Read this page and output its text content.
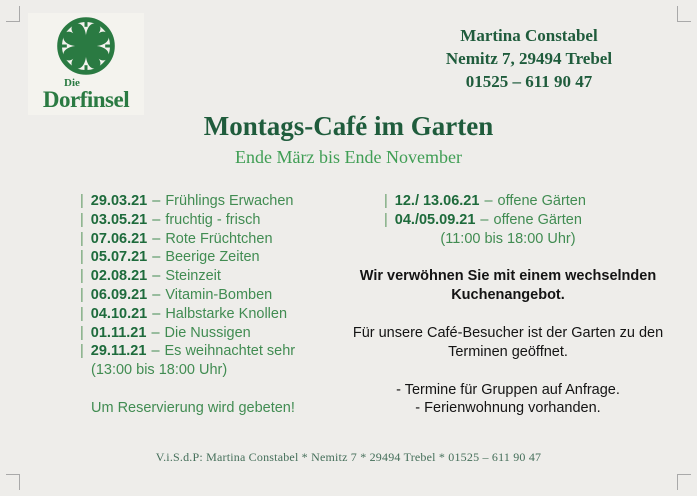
Die
Dorfinsel
Martina Constabel
Nemitz 7, 29494 Trebel
01525 – 611 90 47
Montags-Café im Garten
Ende März bis Ende November
| 29.03.21 – Frühlings Erwachen
| 03.05.21 – fruchtig - frisch
| 07.06.21 – Rote Früchtchen
| 05.07.21 – Beerige Zeiten
| 02.08.21 – Steinzeit
| 06.09.21 – Vitamin-Bomben
| 04.10.21 – Halbstarke Knollen
| 01.11.21 – Die Nussigen
| 29.11.21 – Es weihnachtet sehr
(13:00 bis 18:00 Uhr)
Um Reservierung wird gebeten!
| 12./ 13.06.21 – offene Gärten
| 04./05.09.21 – offene Gärten
(11:00 bis 18:00 Uhr)
Wir verwöhnen Sie mit einem wechselnden Kuchenangebot.
Für unsere Café-Besucher ist der Garten zu den Terminen geöffnet.
- Termine für Gruppen auf Anfrage.
- Ferienwohnung vorhanden.
V.i.S.d.P: Martina Constabel * Nemitz 7 * 29494 Trebel * 01525 – 611 90 47
